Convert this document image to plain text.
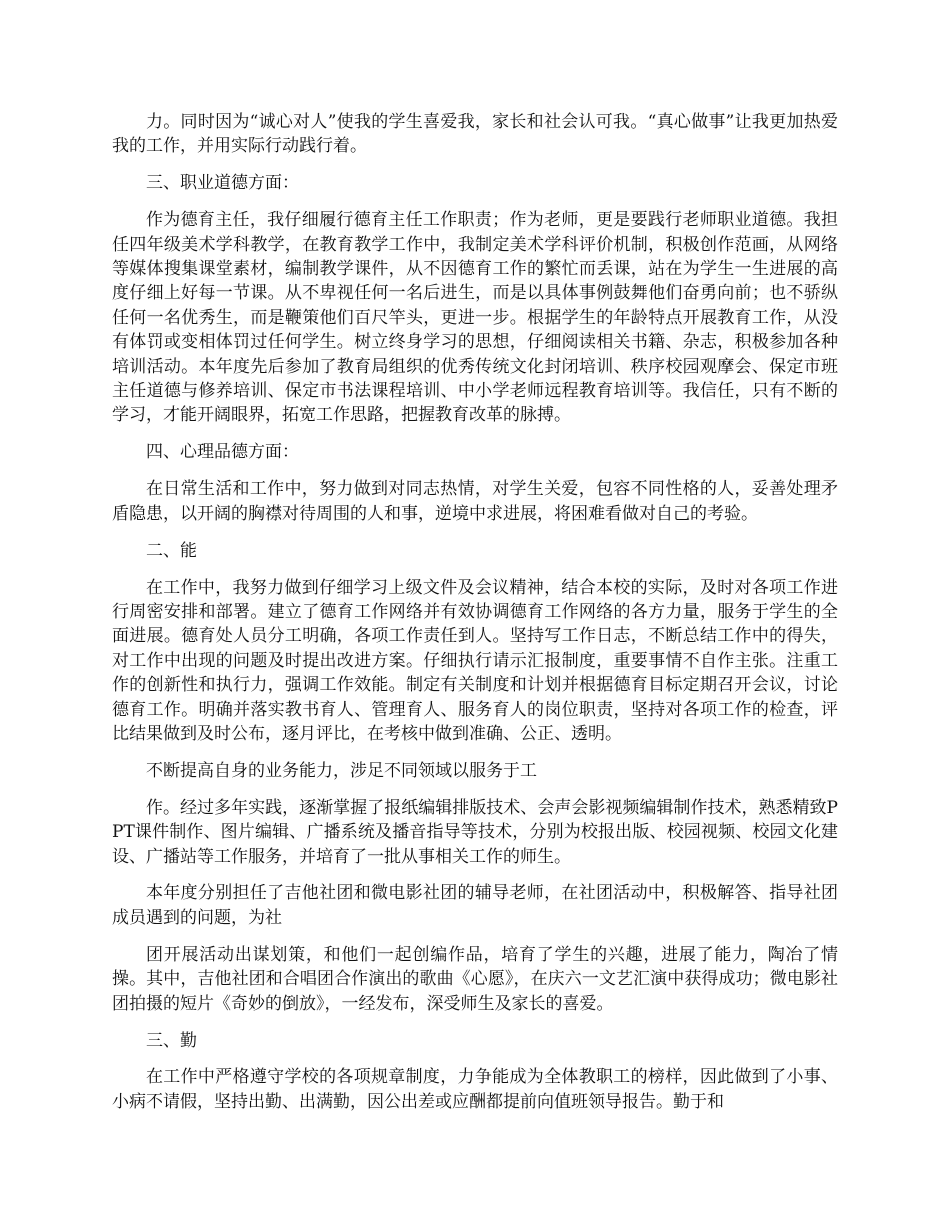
力。同时因为“诚心对人”使我的学生喜爱我，家长和社会认可我。“真心做事”让我更加热爱我的工作，并用实际行动践行着。

三、职业道德方面：

作为德育主任，我仔细履行德育主任工作职责；作为老师，更是要践行老师职业道德。我担任四年级美术学科教学，在教育教学工作中，我制定美术学科评价机制，积极创作范画，从网络等媒体搜集课堂素材，编制教学课件，从不因德育工作的繁忙而丢课，站在为学生一生进展的高度仔细上好每一节课。从不卑视任何一名后进生，而是以具体事例鼓舞他们奋勇向前；也不骄纵任何一名优秀生，而是鞭策他们百尺竿头，更进一步。根据学生的年龄特点开展教育工作，从没有体罚或变相体罚过任何学生。树立终身学习的思想，仔细阅读相关书籍、杂志，积极参加各种培训活动。本年度先后参加了教育局组织的优秀传统文化封闭培训、秩序校园观摩会、保定市班主任道德与修养培训、保定市书法课程培训、中小学老师远程教育培训等。我信任，只有不断的学习，才能开阔眼界，拓宽工作思路，把握教育改革的脉搏。

四、心理品德方面：

在日常生活和工作中，努力做到对同志热情，对学生关爱，包容不同性格的人，妥善处理矛盾隐患，以开阔的胸襟对待周围的人和事，逆境中求进展，将困难看做对自己的考验。

二、能

在工作中，我努力做到仔细学习上级文件及会议精神，结合本校的实际，及时对各项工作进行周密安排和部署。建立了德育工作网络并有效协调德育工作网络的各方力量，服务于学生的全面进展。德育处人员分工明确，各项工作责任到人。坚持写工作日志，不断总结工作中的得失，对工作中出现的问题及时提出改进方案。仔细执行请示汇报制度，重要事情不自作主张。注重工作的创新性和执行力，强调工作效能。制定有关制度和计划并根据德育目标定期召开会议，讨论德育工作。明确并落实教书育人、管理育人、服务育人的岗位职责，坚持对各项工作的检查，评比结果做到及时公布，逐月评比，在考核中做到准确、公正、透明。

不断提高自身的业务能力，涉足不同领域以服务于工

作。经过多年实践，逐渐掌握了报纸编辑排版技术、会声会影视频编辑制作技术，熟悉精致PPT课件制作、图片编辑、广播系统及播音指导等技术，分别为校报出版、校园视频、校园文化建设、广播站等工作服务，并培育了一批从事相关工作的师生。

本年度分别担任了吉他社团和微电影社团的辅导老师，在社团活动中，积极解答、指导社团成员遇到的问题，为社

团开展活动出谋划策，和他们一起创编作品，培育了学生的兴趣，进展了能力，陶冶了情操。其中，吉他社团和合唱团合作演出的歌曲《心愿》，在庆六一文艺汇演中获得成功；微电影社团拍摄的短片《奇妙的倒放》，一经发布，深受师生及家长的喜爱。

三、勤

在工作中严格遵守学校的各项规章制度，力争能成为全体教职工的榜样，因此做到了小事、小病不请假，坚持出勤、出满勤，因公出差或应酬都提前向值班领导报告。勤于和
